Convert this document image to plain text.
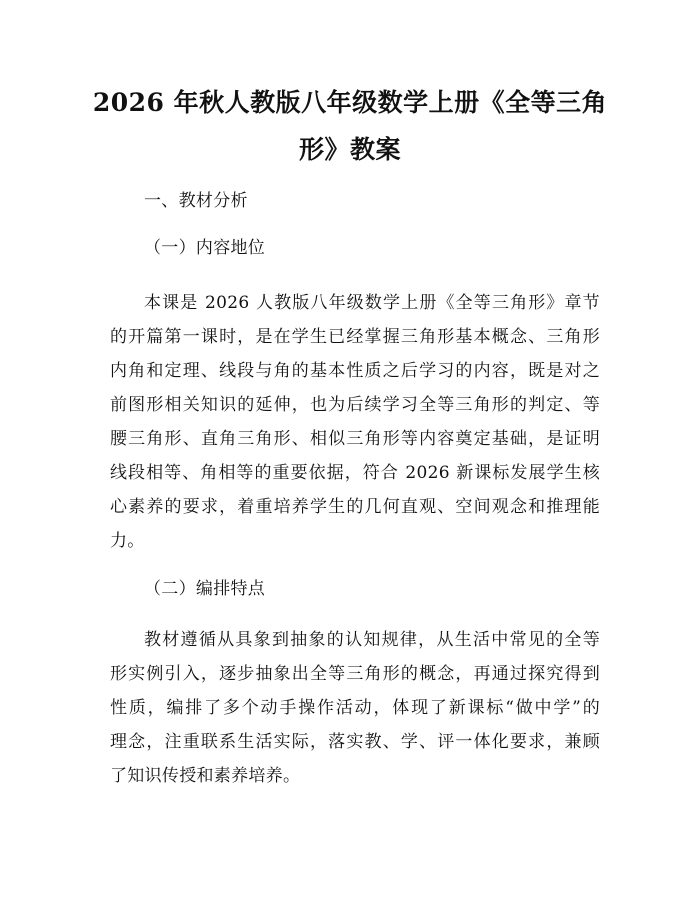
2026 年秋人教版八年级数学上册《全等三角
形》教案
一、教材分析
（一）内容地位
本课是 2026 人教版八年级数学上册《全等三角形》章节
的开篇第一课时，是在学生已经掌握三角形基本概念、三角形
内角和定理、线段与角的基本性质之后学习的内容，既是对之
前图形相关知识的延伸，也为后续学习全等三角形的判定、等
腰三角形、直角三角形、相似三角形等内容奠定基础，是证明
线段相等、角相等的重要依据，符合 2026 新课标发展学生核
心素养的要求，着重培养学生的几何直观、空间观念和推理能
力。
（二）编排特点
教材遵循从具象到抽象的认知规律，从生活中常见的全等
形实例引入，逐步抽象出全等三角形的概念，再通过探究得到
性质，编排了多个动手操作活动，体现了新课标“做中学”的
理念，注重联系生活实际，落实教、学、评一体化要求，兼顾
了知识传授和素养培养。
